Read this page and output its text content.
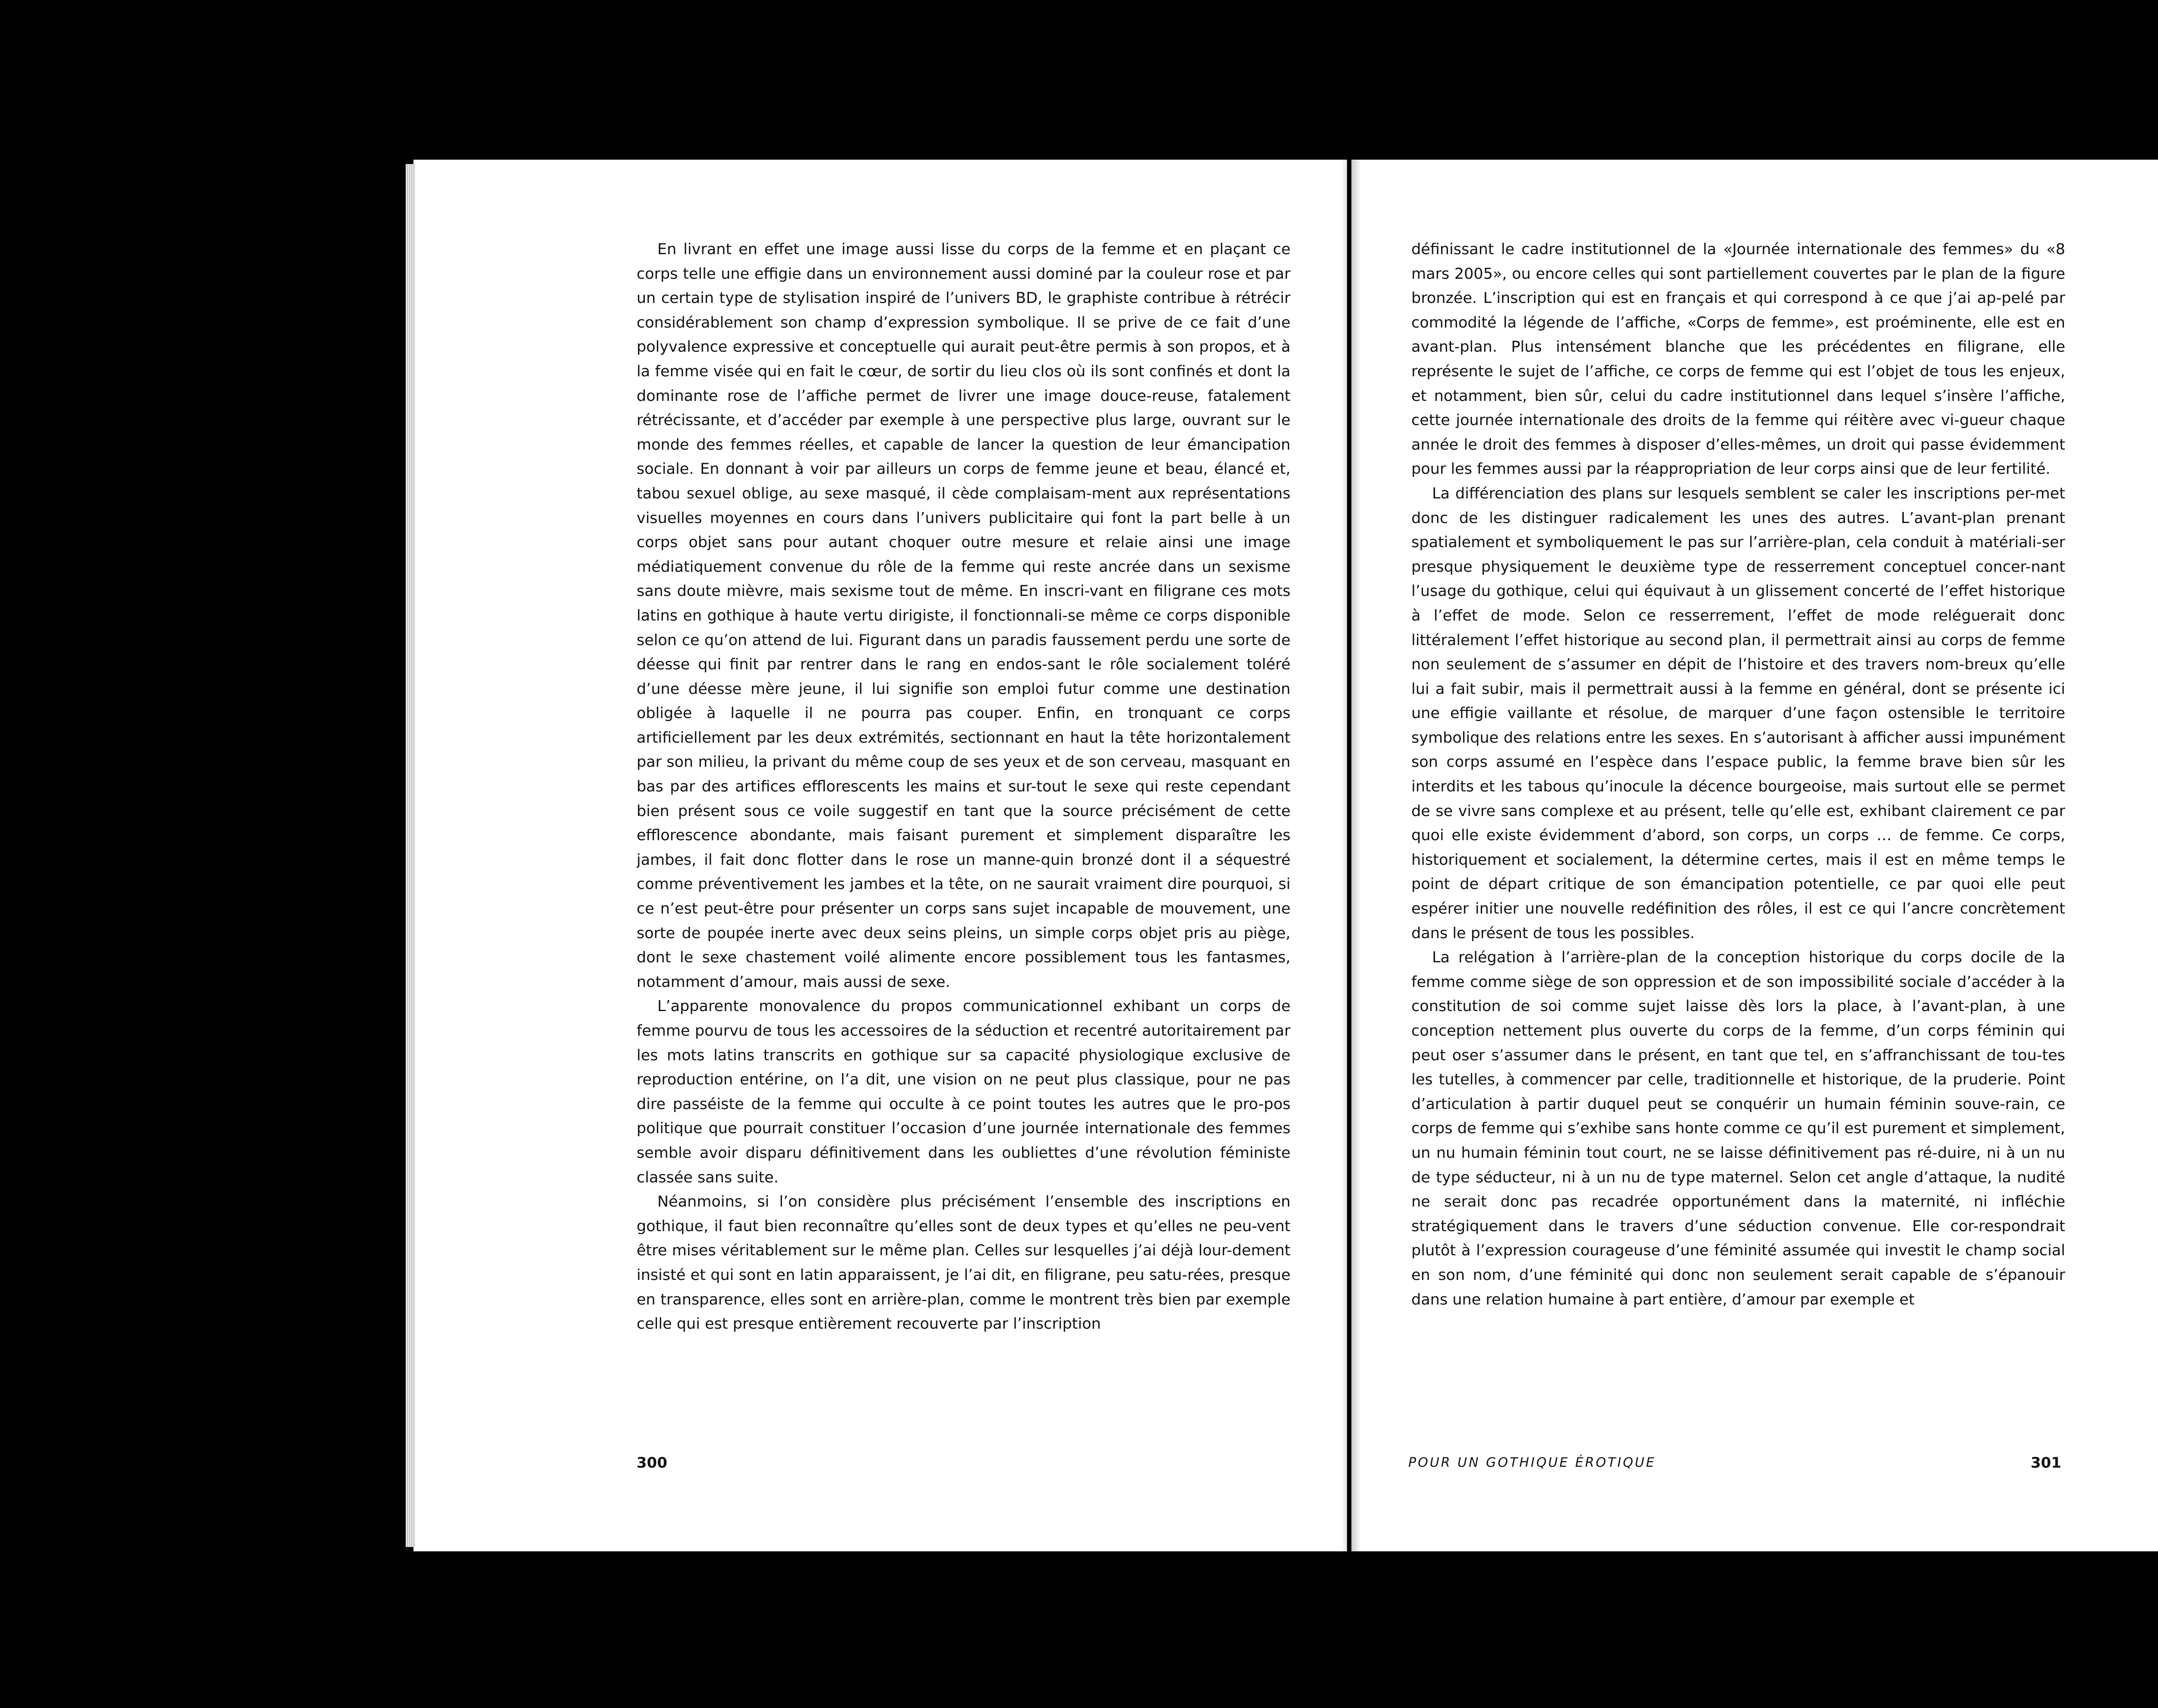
En livrant en effet une image aussi lisse du corps de la femme et en plaçant ce corps telle une effigie dans un environnement aussi dominé par la couleur rose et par un certain type de stylisation inspiré de l’univers BD, le graphiste contribue à rétrécir considérablement son champ d’expression symbolique. Il se prive de ce fait d’une polyvalence expressive et conceptuelle qui aurait peut-être permis à son propos, et à la femme visée qui en fait le cœur, de sortir du lieu clos où ils sont confinés et dont la dominante rose de l’affiche permet de livrer une image douce-reuse, fatalement rétrécissante, et d’accéder par exemple à une perspective plus large, ouvrant sur le monde des femmes réelles, et capable de lancer la question de leur émancipation sociale. En donnant à voir par ailleurs un corps de femme jeune et beau, élancé et, tabou sexuel oblige, au sexe masqué, il cède complaisam-ment aux représentations visuelles moyennes en cours dans l’univers publicitaire qui font la part belle à un corps objet sans pour autant choquer outre mesure et relaie ainsi une image médiatiquement convenue du rôle de la femme qui reste ancrée dans un sexisme sans doute mièvre, mais sexisme tout de même. En inscri-vant en filigrane ces mots latins en gothique à haute vertu dirigiste, il fonctionnali-se même ce corps disponible selon ce qu’on attend de lui. Figurant dans un paradis faussement perdu une sorte de déesse qui finit par rentrer dans le rang en endos-sant le rôle socialement toléré d’une déesse mère jeune, il lui signifie son emploi futur comme une destination obligée à laquelle il ne pourra pas couper. Enfin, en tronquant ce corps artificiellement par les deux extrémités, sectionnant en haut la tête horizontalement par son milieu, la privant du même coup de ses yeux et de son cerveau, masquant en bas par des artifices efflorescents les mains et sur-tout le sexe qui reste cependant bien présent sous ce voile suggestif en tant que la source précisément de cette efflorescence abondante, mais faisant purement et simplement disparaître les jambes, il fait donc flotter dans le rose un manne-quin bronzé dont il a séquestré comme préventivement les jambes et la tête, on ne saurait vraiment dire pourquoi, si ce n’est peut-être pour présenter un corps sans sujet incapable de mouvement, une sorte de poupée inerte avec deux seins pleins, un simple corps objet pris au piège, dont le sexe chastement voilé alimente encore possiblement tous les fantasmes, notamment d’amour, mais aussi de sexe.

L’apparente monovalence du propos communicationnel exhibant un corps de femme pourvu de tous les accessoires de la séduction et recentré autoritairement par les mots latins transcrits en gothique sur sa capacité physiologique exclusive de reproduction entérine, on l’a dit, une vision on ne peut plus classique, pour ne pas dire passéiste de la femme qui occulte à ce point toutes les autres que le pro-pos politique que pourrait constituer l’occasion d’une journée internationale des femmes semble avoir disparu définitivement dans les oubliettes d’une révolution féministe classée sans suite.

Néanmoins, si l’on considère plus précisément l’ensemble des inscriptions en gothique, il faut bien reconnaître qu’elles sont de deux types et qu’elles ne peu-vent être mises véritablement sur le même plan. Celles sur lesquelles j’ai déjà lour-dement insisté et qui sont en latin apparaissent, je l’ai dit, en filigrane, peu satu-rées, presque en transparence, elles sont en arrière-plan, comme le montrent très bien par exemple celle qui est presque entièrement recouverte par l’inscription

définissant le cadre institutionnel de la «Journée internationale des femmes» du «8 mars 2005», ou encore celles qui sont partiellement couvertes par le plan de la figure bronzée. L’inscription qui est en français et qui correspond à ce que j’ai ap-pelé par commodité la légende de l’affiche, «Corps de femme», est proéminente, elle est en avant-plan. Plus intensément blanche que les précédentes en filigrane, elle représente le sujet de l’affiche, ce corps de femme qui est l’objet de tous les enjeux, et notamment, bien sûr, celui du cadre institutionnel dans lequel s’insère l’affiche, cette journée internationale des droits de la femme qui réitère avec vi-gueur chaque année le droit des femmes à disposer d’elles-mêmes, un droit qui passe évidemment pour les femmes aussi par la réappropriation de leur corps ainsi que de leur fertilité.

La différenciation des plans sur lesquels semblent se caler les inscriptions per-met donc de les distinguer radicalement les unes des autres. L’avant-plan prenant spatialement et symboliquement le pas sur l’arrière-plan, cela conduit à matériali-ser presque physiquement le deuxième type de resserrement conceptuel concer-nant l’usage du gothique, celui qui équivaut à un glissement concerté de l’effet historique à l’effet de mode. Selon ce resserrement, l’effet de mode reléguerait donc littéralement l’effet historique au second plan, il permettrait ainsi au corps de femme non seulement de s’assumer en dépit de l’histoire et des travers nom-breux qu’elle lui a fait subir, mais il permettrait aussi à la femme en général, dont se présente ici une effigie vaillante et résolue, de marquer d’une façon ostensible le territoire symbolique des relations entre les sexes. En s’autorisant à afficher aussi impunément son corps assumé en l’espèce dans l’espace public, la femme brave bien sûr les interdits et les tabous qu’inocule la décence bourgeoise, mais surtout elle se permet de se vivre sans complexe et au présent, telle qu’elle est, exhibant clairement ce par quoi elle existe évidemment d’abord, son corps, un corps … de femme. Ce corps, historiquement et socialement, la détermine certes, mais il est en même temps le point de départ critique de son émancipation potentielle, ce par quoi elle peut espérer initier une nouvelle redéfinition des rôles, il est ce qui l’ancre concrètement dans le présent de tous les possibles.

La relégation à l’arrière-plan de la conception historique du corps docile de la femme comme siège de son oppression et de son impossibilité sociale d’accéder à la constitution de soi comme sujet laisse dès lors la place, à l’avant-plan, à une conception nettement plus ouverte du corps de la femme, d’un corps féminin qui peut oser s’assumer dans le présent, en tant que tel, en s’affranchissant de tou-tes les tutelles, à commencer par celle, traditionnelle et historique, de la pruderie. Point d’articulation à partir duquel peut se conquérir un humain féminin souve-rain, ce corps de femme qui s’exhibe sans honte comme ce qu’il est purement et simplement, un nu humain féminin tout court, ne se laisse définitivement pas ré-duire, ni à un nu de type séducteur, ni à un nu de type maternel. Selon cet angle d’attaque, la nudité ne serait donc pas recadrée opportunément dans la maternité, ni infléchie stratégiquement dans le travers d’une séduction convenue. Elle cor-respondrait plutôt à l’expression courageuse d’une féminité assumée qui investit le champ social en son nom, d’une féminité qui donc non seulement serait capable de s’épanouir dans une relation humaine à part entière, d’amour par exemple et

300	POUR UN GOTHIQUE ÉROTIQUE	301
